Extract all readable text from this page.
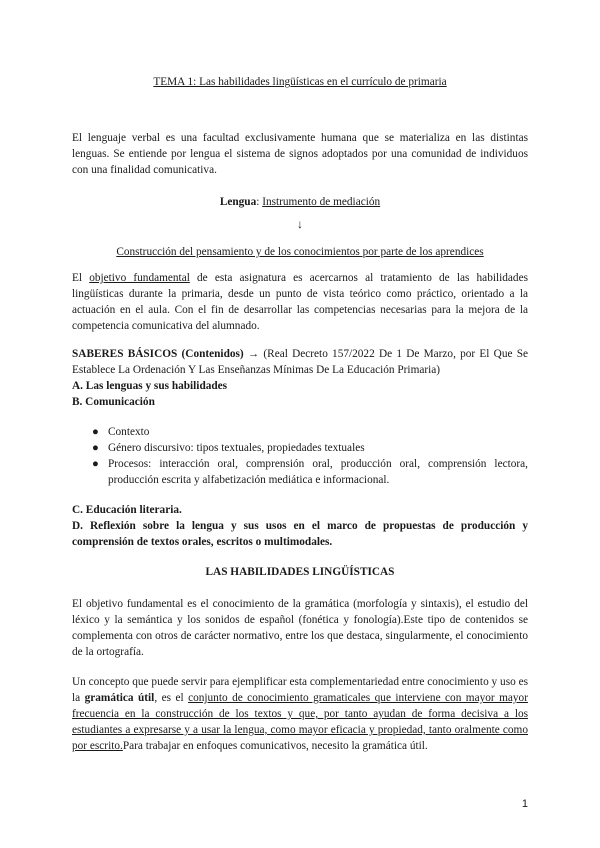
TEMA 1: Las habilidades lingüísticas en el currículo de primaria

El lenguaje verbal es una facultad exclusivamente humana que se materializa en las distintas lenguas. Se entiende por lengua el sistema de signos adoptados por una comunidad de individuos con una finalidad comunicativa.

Lengua: Instrumento de mediación

↓

Construcción del pensamiento y de los conocimientos por parte de los aprendices

El objetivo fundamental de esta asignatura es acercarnos al tratamiento de las habilidades lingüísticas durante la primaria, desde un punto de vista teórico como práctico, orientado a la actuación en el aula. Con el fin de desarrollar las competencias necesarias para la mejora de la competencia comunicativa del alumnado.

SABERES BÁSICOS (Contenidos) → (Real Decreto 157/2022 De 1 De Marzo, por El Que Se Establece La Ordenación Y Las Enseñanzas Mínimas De La Educación Primaria)

A. Las lenguas y sus habilidades

B. Comunicación

● Contexto
● Género discursivo: tipos textuales, propiedades textuales
● Procesos: interacción oral, comprensión oral, producción oral, comprensión lectora, producción escrita y alfabetización mediática e informacional.

C. Educación literaria.

D. Reflexión sobre la lengua y sus usos en el marco de propuestas de producción y comprensión de textos orales, escritos o multimodales.

LAS HABILIDADES LINGÜÍSTICAS

El objetivo fundamental es el conocimiento de la gramática (morfología y sintaxis), el estudio del léxico y la semántica y los sonidos de español (fonética y fonología).Este tipo de contenidos se complementa con otros de carácter normativo, entre los que destaca, singularmente, el conocimiento de la ortografía.

Un concepto que puede servir para ejemplificar esta complementariedad entre conocimiento y uso es la gramática útil, es el conjunto de conocimiento gramaticales que interviene con mayor mayor frecuencia en la construcción de los textos y que, por tanto ayudan de forma decisiva a los estudiantes a expresarse y a usar la lengua, como mayor eficacia y propiedad, tanto oralmente como por escrito.Para trabajar en enfoques comunicativos, necesito la gramática útil.

1
